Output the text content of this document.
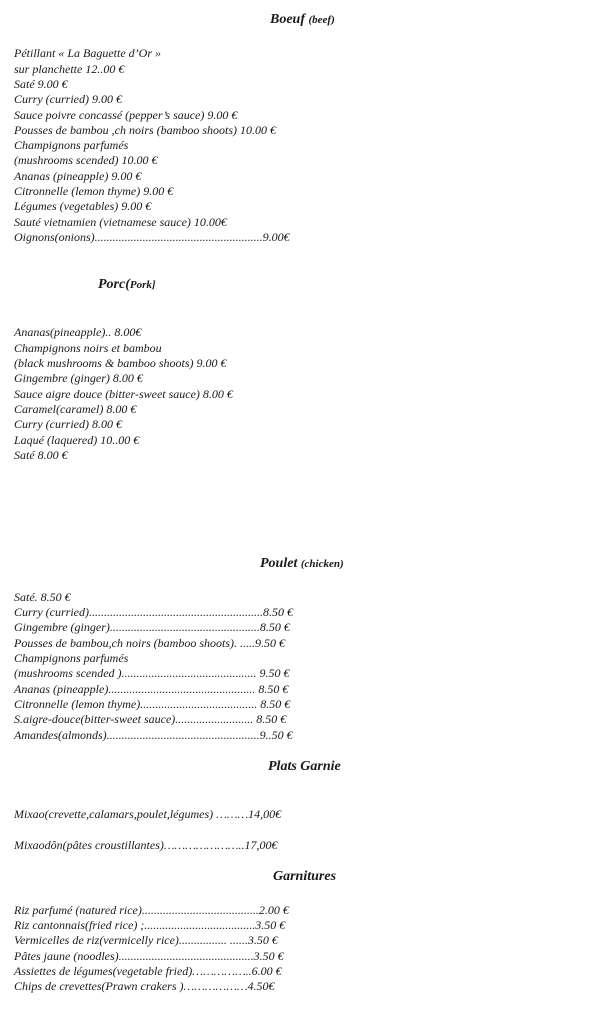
Boeuf (beef)
Pétillant « La Baguette d’Or »
sur planchette 12..00 €
Saté 9.00 €
Curry (curried) 9.00 €
Sauce poivre concassé (pepper’s sauce) 9.00 €
Pousses de bambou ,ch noirs (bamboo shoots) 10.00 €
Champignons parfumés
(mushrooms scended) 10.00 €
Ananas (pineapple) 9.00 €
Citronnelle (lemon thyme) 9.00 €
Légumes (vegetables) 9.00 €
Sauté vietnamien (vietnamese sauce) 10.00€
Oignons(onions)........................................................9.00€
Porc(Pork]
Ananas(pineapple).. 8.00€
Champignons noirs et bambou
(black mushrooms & bamboo shoots) 9.00 €
Gingembre (ginger) 8.00 €
Sauce aigre douce (bitter-sweet sauce) 8.00 €
Caramel(caramel) 8.00 €
Curry (curried) 8.00 €
Laqué (laquered) 10..00 €
Saté 8.00 €
Poulet (chicken)
Saté. 8.50 €
Curry (curried)..........................................................8.50 €
Gingembre (ginger)..................................................8.50 €
Pousses de bambou,ch noirs (bamboo shoots). .....9.50 €
Champignons parfumés
(mushrooms scended )............................................. 9.50 €
Ananas (pineapple)................................................. 8.50 €
Citronnelle (lemon thyme)....................................... 8.50 €
S.aigre-douce(bitter-sweet sauce).......................... 8.50 €
Amandes(almonds)...................................................9..50 €
Plats Garnie
Mixao(crevette,calamars,poulet,légumes) ………14,00€
Mixaodôn(pâtes croustillantes)…………………..17,00€
Garnitures
Riz parfumé (natured rice).......................................2.00 €
Riz cantonnais(fried rice) ;.....................................3.50 €
Vermicelles de riz(vermicelly rice)................ ......3.50 €
Pâtes jaune (noodles).............................................3.50 €
Assiettes de légumes(vegetable fried)……………..6.00 €
Chips de crevettes(Prawn crakers )………………4.50€
